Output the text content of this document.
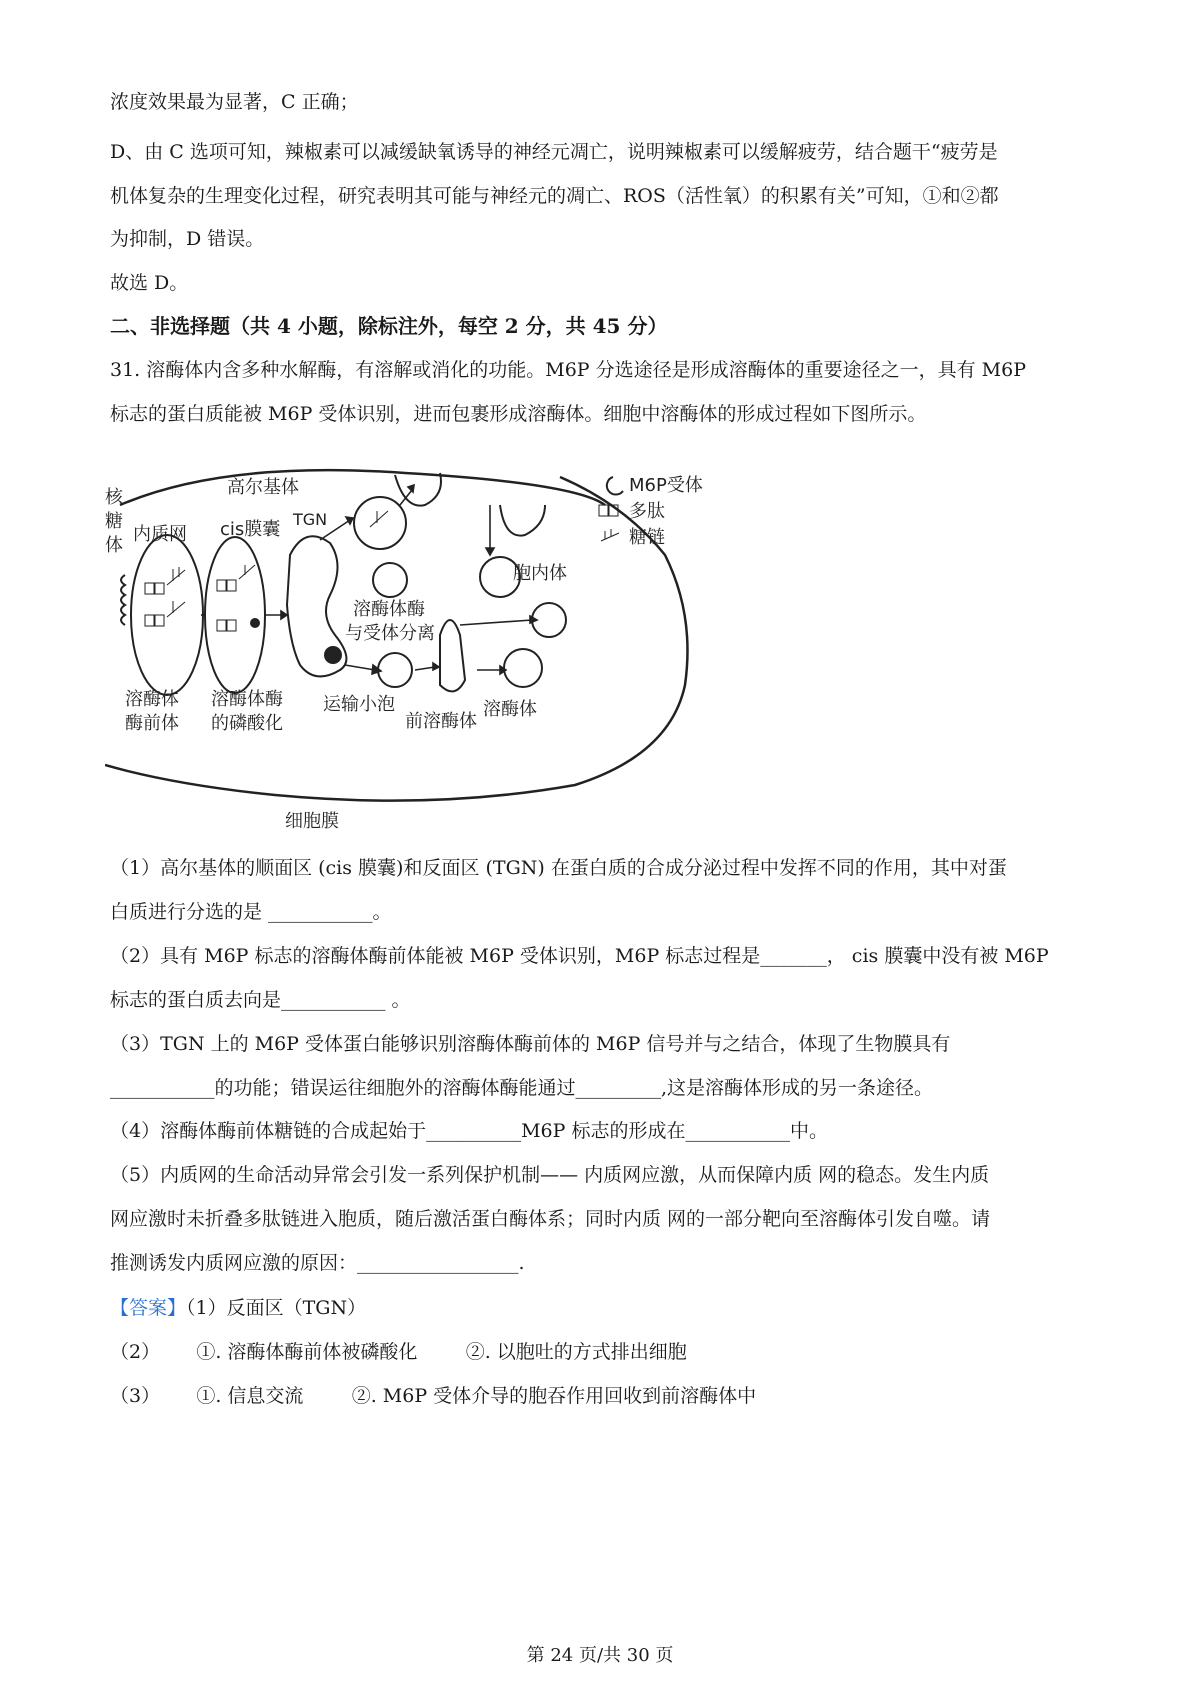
浓度效果最为显著，C 正确；
D、由 C 选项可知，辣椒素可以减缓缺氧诱导的神经元凋亡，说明辣椒素可以缓解疲劳，结合题干“疲劳是
机体复杂的生理变化过程，研究表明其可能与神经元的凋亡、ROS（活性氧）的积累有关”可知，①和②都
为抑制，D 错误。
故选 D。
二、非选择题（共 4 小题，除标注外，每空 2 分，共 45 分）
31. 溶酶体内含多种水解酶，有溶解或消化的功能。M6P 分选途径是形成溶酶体的重要途径之一，具有 M6P
标志的蛋白质能被 M6P 受体识别，进而包裹形成溶酶体。细胞中溶酶体的形成过程如下图所示。
核
糖
体
内质网
高尔基体
cis膜囊 TGN
溶酶体
酶前体
溶酶体酶
的磷酸化
溶酶体酶
与受体分离
运输小泡
前溶酶体
溶酶体
胞内体
细胞膜
M6P受体
多肽
糖链
（1）高尔基体的顺面区 (cis 膜囊)和反面区 (TGN) 在蛋白质的合成分泌过程中发挥不同的作用，其中对蛋
白质进行分选的是 ___________。
（2）具有 M6P 标志的溶酶体酶前体能被 M6P 受体识别，M6P 标志过程是_______， cis 膜囊中没有被 M6P
标志的蛋白质去向是___________ 。
（3）TGN 上的 M6P 受体蛋白能够识别溶酶体酶前体的 M6P 信号并与之结合，体现了生物膜具有
___________的功能；错误运往细胞外的溶酶体酶能通过_________,这是溶酶体形成的另一条途径。
（4）溶酶体酶前体糖链的合成起始于__________M6P 标志的形成在___________中。
（5）内质网的生命活动异常会引发一系列保护机制—— 内质网应激，从而保障内质 网的稳态。发生内质
网应激时未折叠多肽链进入胞质，随后激活蛋白酶体系；同时内质 网的一部分靶向至溶酶体引发自噬。请
推测诱发内质网应激的原因：_________________.
【答案】（1）反面区（TGN）
（2）      ①. 溶酶体酶前体被磷酸化        ②. 以胞吐的方式排出细胞
（3）      ①. 信息交流        ②. M6P 受体介导的胞吞作用回收到前溶酶体中
第 24 页/共 30 页
